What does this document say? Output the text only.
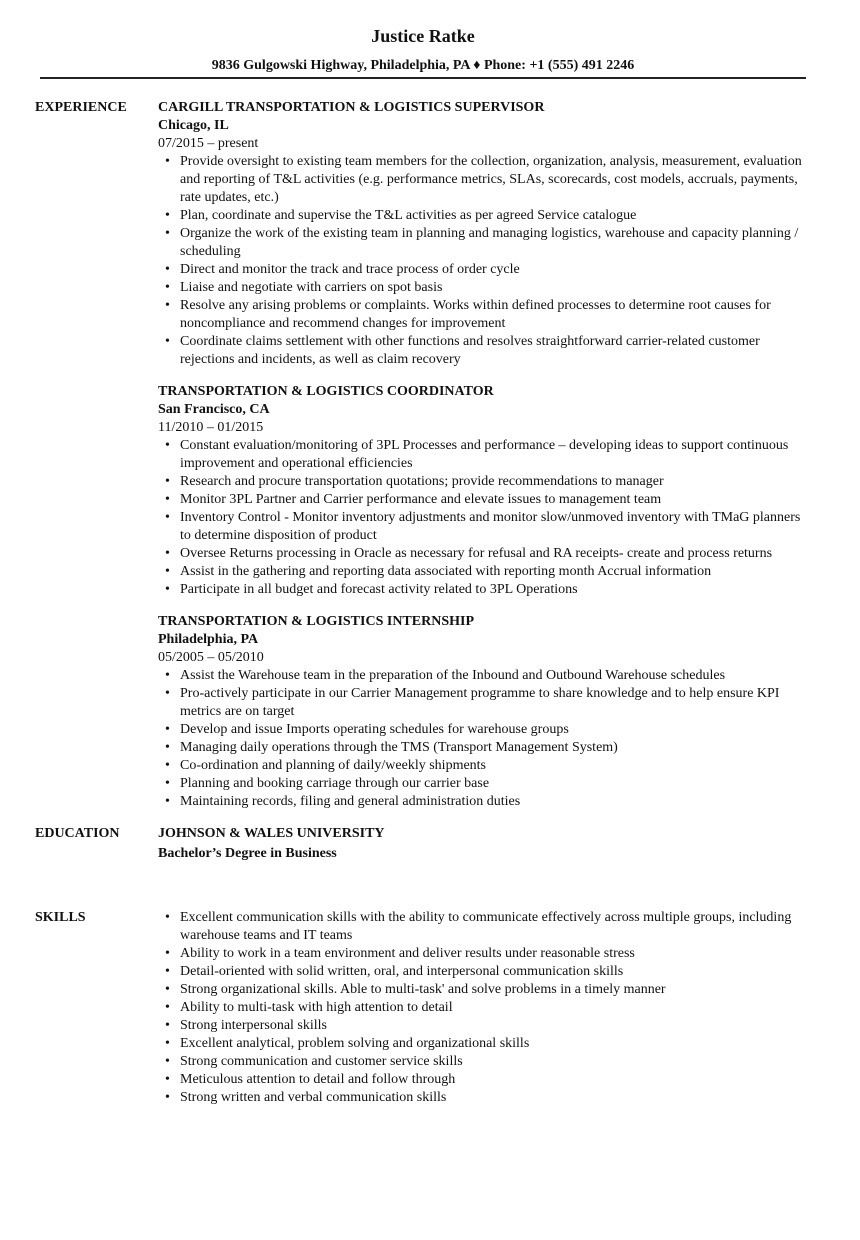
Justice Ratke
9836 Gulgowski Highway, Philadelphia, PA ♦ Phone: +1 (555) 491 2246
EXPERIENCE CARGILL TRANSPORTATION & LOGISTICS SUPERVISOR
Chicago, IL
07/2015 – present
• Provide oversight to existing team members for the collection, organization, analysis, measurement, evaluation and reporting of T&L activities (e.g. performance metrics, SLAs, scorecards, cost models, accruals, payments, rate updates, etc.)
• Plan, coordinate and supervise the T&L activities as per agreed Service catalogue
• Organize the work of the existing team in planning and managing logistics, warehouse and capacity planning / scheduling
• Direct and monitor the track and trace process of order cycle
• Liaise and negotiate with carriers on spot basis
• Resolve any arising problems or complaints. Works within defined processes to determine root causes for noncompliance and recommend changes for improvement
• Coordinate claims settlement with other functions and resolves straightforward carrier-related customer rejections and incidents, as well as claim recovery
TRANSPORTATION & LOGISTICS COORDINATOR
San Francisco, CA
11/2010 – 01/2015
• Constant evaluation/monitoring of 3PL Processes and performance – developing ideas to support continuous improvement and operational efficiencies
• Research and procure transportation quotations; provide recommendations to manager
• Monitor 3PL Partner and Carrier performance and elevate issues to management team
• Inventory Control - Monitor inventory adjustments and monitor slow/unmoved inventory with TMaG planners to determine disposition of product
• Oversee Returns processing in Oracle as necessary for refusal and RA receipts- create and process returns
• Assist in the gathering and reporting data associated with reporting month Accrual information
• Participate in all budget and forecast activity related to 3PL Operations
TRANSPORTATION & LOGISTICS INTERNSHIP
Philadelphia, PA
05/2005 – 05/2010
• Assist the Warehouse team in the preparation of the Inbound and Outbound Warehouse schedules
• Pro-actively participate in our Carrier Management programme to share knowledge and to help ensure KPI metrics are on target
• Develop and issue Imports operating schedules for warehouse groups
• Managing daily operations through the TMS (Transport Management System)
• Co-ordination and planning of daily/weekly shipments
• Planning and booking carriage through our carrier base
• Maintaining records, filing and general administration duties
EDUCATION	JOHNSON & WALES UNIVERSITY
Bachelor’s Degree in Business
SKILLS
•	Excellent communication skills with the ability to communicate effectively across multiple groups, including warehouse teams and IT teams
• Ability to work in a team environment and deliver results under reasonable stress
• Detail-oriented with solid written, oral, and interpersonal communication skills
• Strong organizational skills. Able to multi-task' and solve problems in a timely manner
• Ability to multi-task with high attention to detail
• Strong interpersonal skills
• Excellent analytical, problem solving and organizational skills
• Strong communication and customer service skills
• Meticulous attention to detail and follow through
• Strong written and verbal communication skills
